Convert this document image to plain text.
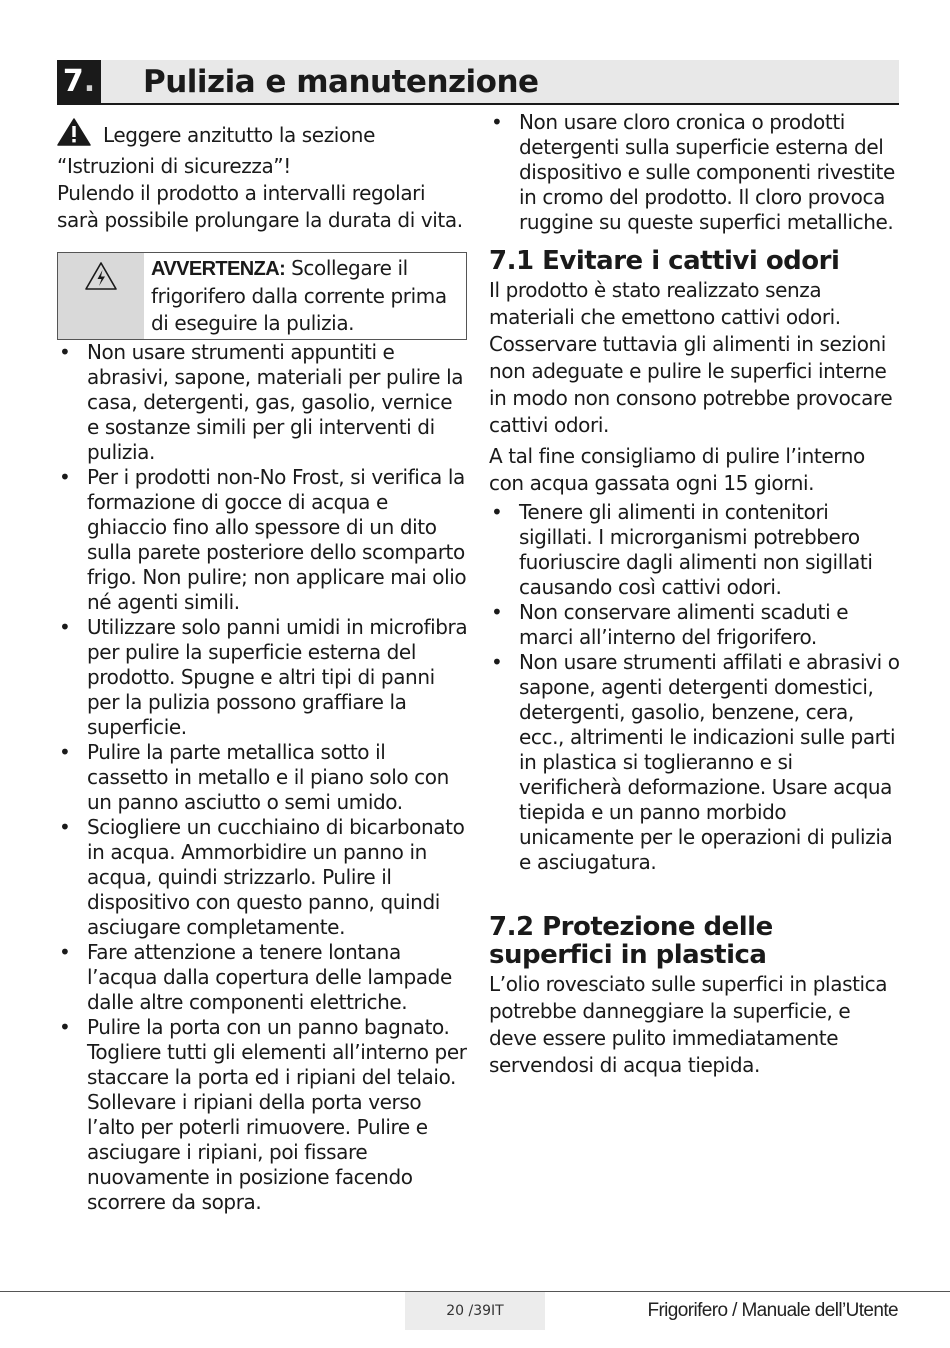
7. Pulizia e manutenzione

Leggere anzitutto la sezione “Istruzioni di sicurezza”!

Pulendo il prodotto a intervalli regolari sarà possibile prolungare la durata di vita.

AVVERTENZA: Scollegare il frigorifero dalla corrente prima di eseguire la pulizia.
• Non usare strumenti appuntiti e abrasivi, sapone, materiali per pulire la casa, detergenti, gas, gasolio, vernice e sostanze simili per gli interventi di pulizia.
• Per i prodotti non-No Frost, si verifica la formazione di gocce di acqua e ghiaccio fino allo spessore di un dito sulla parete posteriore dello scomparto frigo. Non pulire; non applicare mai olio né agenti simili.
• Utilizzare solo panni umidi in microfibra per pulire la superficie esterna del prodotto. Spugne e altri tipi di panni per la pulizia possono graffiare la superficie.
• Pulire la parte metallica sotto il cassetto in metallo e il piano solo con un panno asciutto o semi umido.
• Sciogliere un cucchiaino di bicarbonato in acqua. Ammorbidire un panno in acqua, quindi strizzarlo. Pulire il dispositivo con questo panno, quindi asciugare completamente.
• Fare attenzione a tenere lontana l’acqua dalla copertura delle lampade dalle altre componenti elettriche.
• Pulire la porta con un panno bagnato. Togliere tutti gli elementi all’interno per staccare la porta ed i ripiani del telaio. Sollevare i ripiani della porta verso l’alto per poterli rimuovere. Pulire e asciugare i ripiani, poi fissare nuovamente in posizione facendo scorrere da sopra.
• Non usare cloro cronica o prodotti detergenti sulla superficie esterna del dispositivo e sulle componenti rivestite in cromo del prodotto. Il cloro provoca ruggine su queste superfici metalliche.
7.1 Evitare i cattivi odori

Il prodotto è stato realizzato senza materiali che emettono cattivi odori. Cosservare tuttavia gli alimenti in sezioni non adeguate e pulire le superfici interne in modo non consono potrebbe provocare cattivi odori.

A tal fine consigliamo di pulire l’interno con acqua gassata ogni 15 giorni.

• Tenere gli alimenti in contenitori sigillati. I microrganismi potrebbero fuoriuscire dagli alimenti non sigillati causando così cattivi odori.
• Non conservare alimenti scaduti e marci all’interno del frigorifero.
• Non usare strumenti affilati e abrasivi o sapone, agenti detergenti domestici, detergenti, gasolio, benzene, cera, ecc., altrimenti le indicazioni sulle parti in plastica si toglieranno e si verificherà deformazione. Usare acqua tiepida e un panno morbido unicamente per le operazioni di pulizia e asciugatura.
7.2 Protezione delle superfici in plastica

L’olio rovesciato sulle superfici in plastica potrebbe danneggiare la superficie, e deve essere pulito immediatamente servendosi di acqua tiepida.

20 /39IT	Frigorifero / Manuale dell’Utente
